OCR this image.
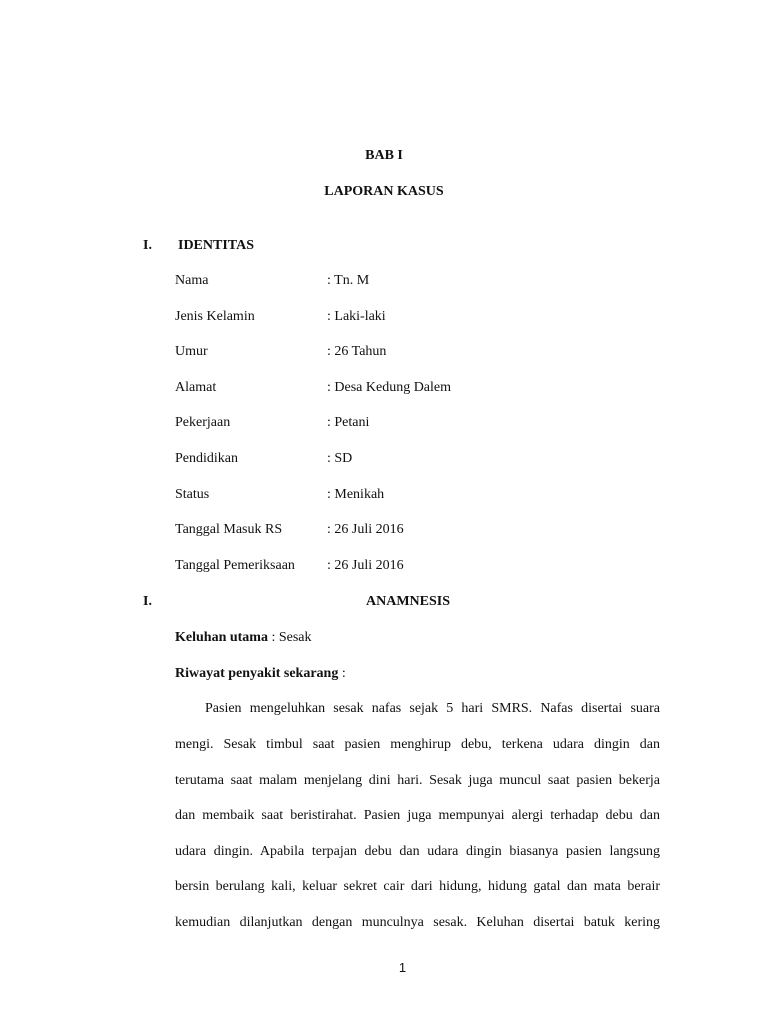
BAB I
LAPORAN KASUS
I. IDENTITAS
Nama	: Tn. M
Jenis Kelamin	: Laki-laki
Umur	: 26 Tahun
Alamat	: Desa Kedung Dalem
Pekerjaan	: Petani
Pendidikan	: SD
Status	: Menikah
Tanggal Masuk RS	: 26 Juli 2016
Tanggal Pemeriksaan : 26 Juli 2016
I.	ANAMNESIS
Keluhan utama : Sesak
Riwayat penyakit sekarang :
Pasien mengeluhkan sesak nafas sejak 5 hari SMRS. Nafas disertai suara
mengi. Sesak timbul saat pasien menghirup debu, terkena udara dingin dan
terutama saat malam menjelang dini hari. Sesak juga muncul saat pasien bekerja
dan membaik saat beristirahat. Pasien juga mempunyai alergi terhadap debu dan
udara dingin. Apabila terpajan debu dan udara dingin biasanya pasien langsung
bersin berulang kali, keluar sekret cair dari hidung, hidung gatal dan mata berair
kemudian dilanjutkan dengan munculnya sesak. Keluhan disertai batuk kering
1
